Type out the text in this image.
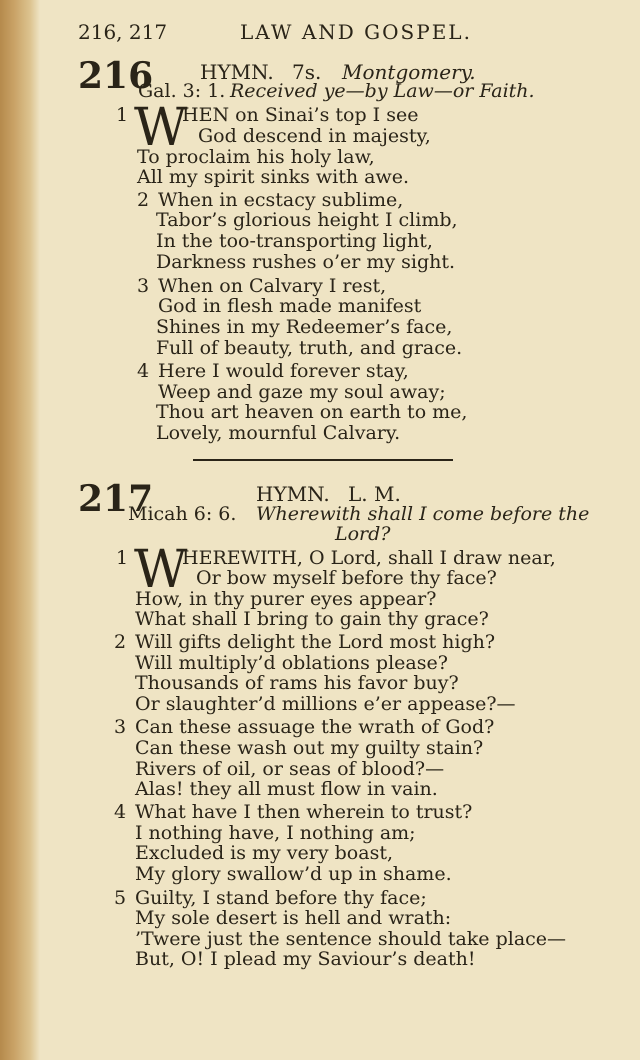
216, 217	LAW AND GOSPEL.
216 HYMN. 7s. Montgomery.
Gal. 3: 1. Received ye—by Law—or Faith.
1 W
HEN on Sinai’s top I see
God descend in majesty,
To proclaim his holy law,
All my spirit sinks with awe.
2 When in ecstacy sublime,
Tabor’s glorious height I climb,
In the too-transporting light,
Darkness rushes o’er my sight.
3 When on Calvary I rest,
God in flesh made manifest
Shines in my Redeemer’s face,
Full of beauty, truth, and grace.
4 Here I would forever stay,
Weep and gaze my soul away;
Thou art heaven on earth to me,
Lovely, mournful Calvary.
217	HYMN. L. M.
Micah 6: 6. Wherewith shall I come before the
Lord?
1 W
HEREWITH, O Lord, shall I draw near,
Or bow myself before thy face?
How, in thy purer eyes appear?
What shall I bring to gain thy grace?
2 Will gifts delight the Lord most high?
Will multiply’d oblations please?
Thousands of rams his favor buy?
Or slaughter’d millions e’er appease?—
3 Can these assuage the wrath of God?
Can these wash out my guilty stain?
Rivers of oil, or seas of blood?—
Alas! they all must flow in vain.
4 What have I then wherein to trust?
I nothing have, I nothing am;
Excluded is my very boast,
My glory swallow’d up in shame.
5 Guilty, I stand before thy face;
My sole desert is hell and wrath:
’Twere just the sentence should take place—
But, O! I plead my Saviour’s death!
